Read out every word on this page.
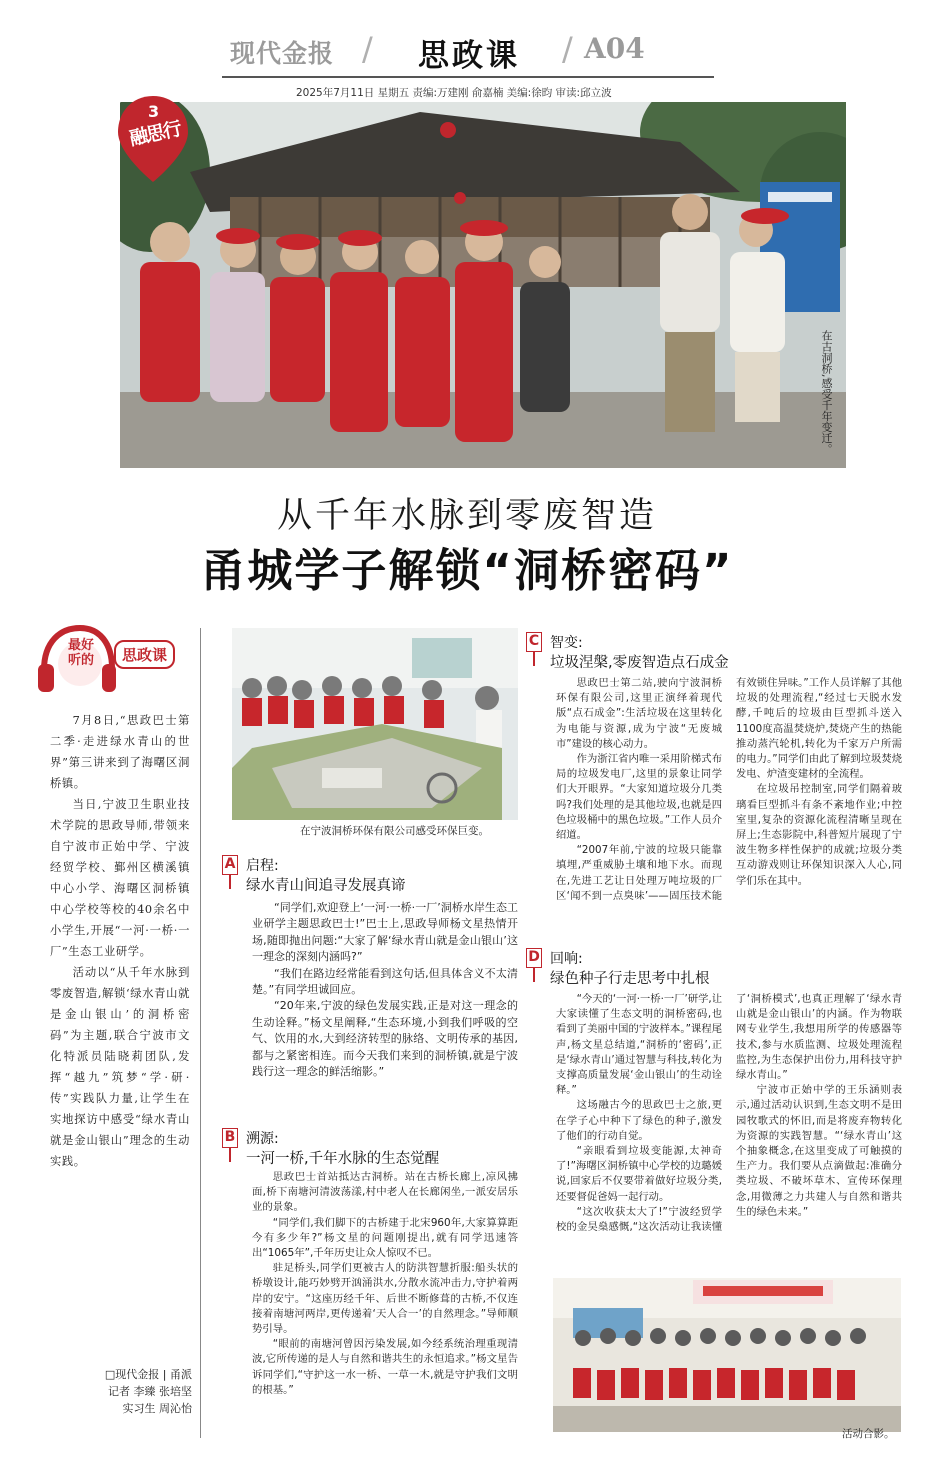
现代金报 / 思政课 / A04
2025年7月11日 星期五 责编:万建刚 俞嘉楠 美编:徐昀 审读:邱立波
在古洞桥,感受千年变迁。
3
融思行
从千年水脉到零废智造
甬城学子解锁“洞桥密码”
最好听的	思政课

7月8日,“思政巴士第二季·走进绿水青山的世界”第三讲来到了海曙区洞桥镇。

当日,宁波卫生职业技术学院的思政导师,带领来自宁波市正始中学、宁波经贸学校、鄞州区横溪镇中心小学、海曙区洞桥镇中心学校等校的40余名中小学生,开展“一河·一桥·一厂”生态工业研学。

活动以“从千年水脉到零废智造,解锁‘绿水青山就是金山银山’的洞桥密码”为主题,联合宁波市文化特派员陆晓莉团队,发挥“越九”筑梦“学·研·传”实践队力量,让学生在实地探访中感受“绿水青山就是金山银山”理念的生动实践。

□现代金报 | 甬派
记者 李臻 张培坚
实习生 周沁怡
在宁波洞桥环保有限公司感受环保巨变。
A 启程:
绿水青山间追寻发展真谛

“同学们,欢迎登上‘一河·一桥·一厂’洞桥水岸生态工业研学主题思政巴士!”巴士上,思政导师杨文星热情开场,随即抛出问题:“大家了解‘绿水青山就是金山银山’这一理念的深刻内涵吗?”

“我们在路边经常能看到这句话,但具体含义不太清楚。”有同学坦诚回应。

“20年来,宁波的绿色发展实践,正是对这一理念的生动诠释。”杨文星阐释,“生态环境,小到我们呼吸的空气、饮用的水,大到经济转型的脉络、文明传承的基因,都与之紧密相连。而今天我们来到的洞桥镇,就是宁波践行这一理念的鲜活缩影。”

B 溯源:
一河一桥,千年水脉的生态觉醒

思政巴士首站抵达古洞桥。站在古桥长廊上,凉风拂面,桥下南塘河清波荡漾,村中老人在长廊闲坐,一派安居乐业的景象。

“同学们,我们脚下的古桥建于北宋960年,大家算算距今有多少年?”杨文星的问题刚提出,就有同学迅速答出“1065年”,千年历史让众人惊叹不已。

驻足桥头,同学们更被古人的防洪智慧折服:船头状的桥墩设计,能巧妙劈开汹涌洪水,分散水流冲击力,守护着两岸的安宁。“这座历经千年、后世不断修葺的古桥,不仅连接着南塘河两岸,更传递着‘天人合一’的自然理念。”导师顺势引导。

“眼前的南塘河曾因污染发展,如今经系统治理重现清波,它所传递的是人与自然和谐共生的永恒追求。”杨文星告诉同学们,“守护这一水一桥、一草一木,就是守护我们文明的根基。”

C 智变:
垃圾涅槃,零废智造点石成金

思政巴士第二站,驶向宁波洞桥环保有限公司,这里正演绎着现代版“点石成金”:生活垃圾在这里转化为电能与资源,成为宁波“无废城市”建设的核心动力。

作为浙江省内唯一采用阶梯式布局的垃圾发电厂,这里的景象让同学们大开眼界。“大家知道垃圾分几类吗?我们处理的是其他垃圾,也就是四色垃圾桶中的黑色垃圾。”工作人员介绍道。

“2007年前,宁波的垃圾只能靠填埋,严重威胁土壤和地下水。而现在,先进工艺让日处理万吨垃圾的厂区‘闻不到一点臭味’——固压技术能有效锁住异味。”工作人员详解了其他垃圾的处理流程,“经过七天脱水发酵,千吨后的垃圾由巨型抓斗送入1100度高温焚烧炉,焚烧产生的热能推动蒸汽轮机,转化为千家万户所需的电力。”同学们由此了解到垃圾焚烧发电、炉渣变建材的全流程。

在垃圾吊控制室,同学们隔着玻璃看巨型抓斗有条不紊地作业;中控室里,复杂的资源化流程清晰呈现在屏上;生态影院中,科普短片展现了宁波生物多样性保护的成就;垃圾分类互动游戏则让环保知识深入人心,同学们乐在其中。

D 回响:
绿色种子行走思考中扎根

“今天的‘一河·一桥·一厂’研学,让大家读懂了生态文明的洞桥密码,也看到了美丽中国的宁波样本。”课程尾声,杨文星总结道,“洞桥的‘密码’,正是‘绿水青山’通过智慧与科技,转化为支撑高质量发展‘金山银山’的生动诠释。”

这场融古今的思政巴士之旅,更在学子心中种下了绿色的种子,激发了他们的行动自觉。

“亲眼看到垃圾变能源,太神奇了!”海曙区洞桥镇中心学校的边璐媛说,回家后不仅要带着做好垃圾分类,还要督促爸妈一起行动。

“这次收获太大了!”宁波经贸学校的金昊燊感慨,“这次活动让我读懂了‘洞桥模式’,也真正理解了‘绿水青山就是金山银山’的内涵。作为物联网专业学生,我想用所学的传感器等技术,参与水质监测、垃圾处理流程监控,为生态保护出份力,用科技守护绿水青山。”

宁波市正始中学的王乐涵则表示,通过活动认识到,生态文明不是田园牧歌式的怀旧,而是将废弃物转化为资源的实践智慧。“‘绿水青山’这个抽象概念,在这里变成了可触摸的生产力。我们要从点滴做起:准确分类垃圾、不破坏草木、宣传环保理念,用微薄之力共建人与自然和谐共生的绿色未来。”

活动合影。
